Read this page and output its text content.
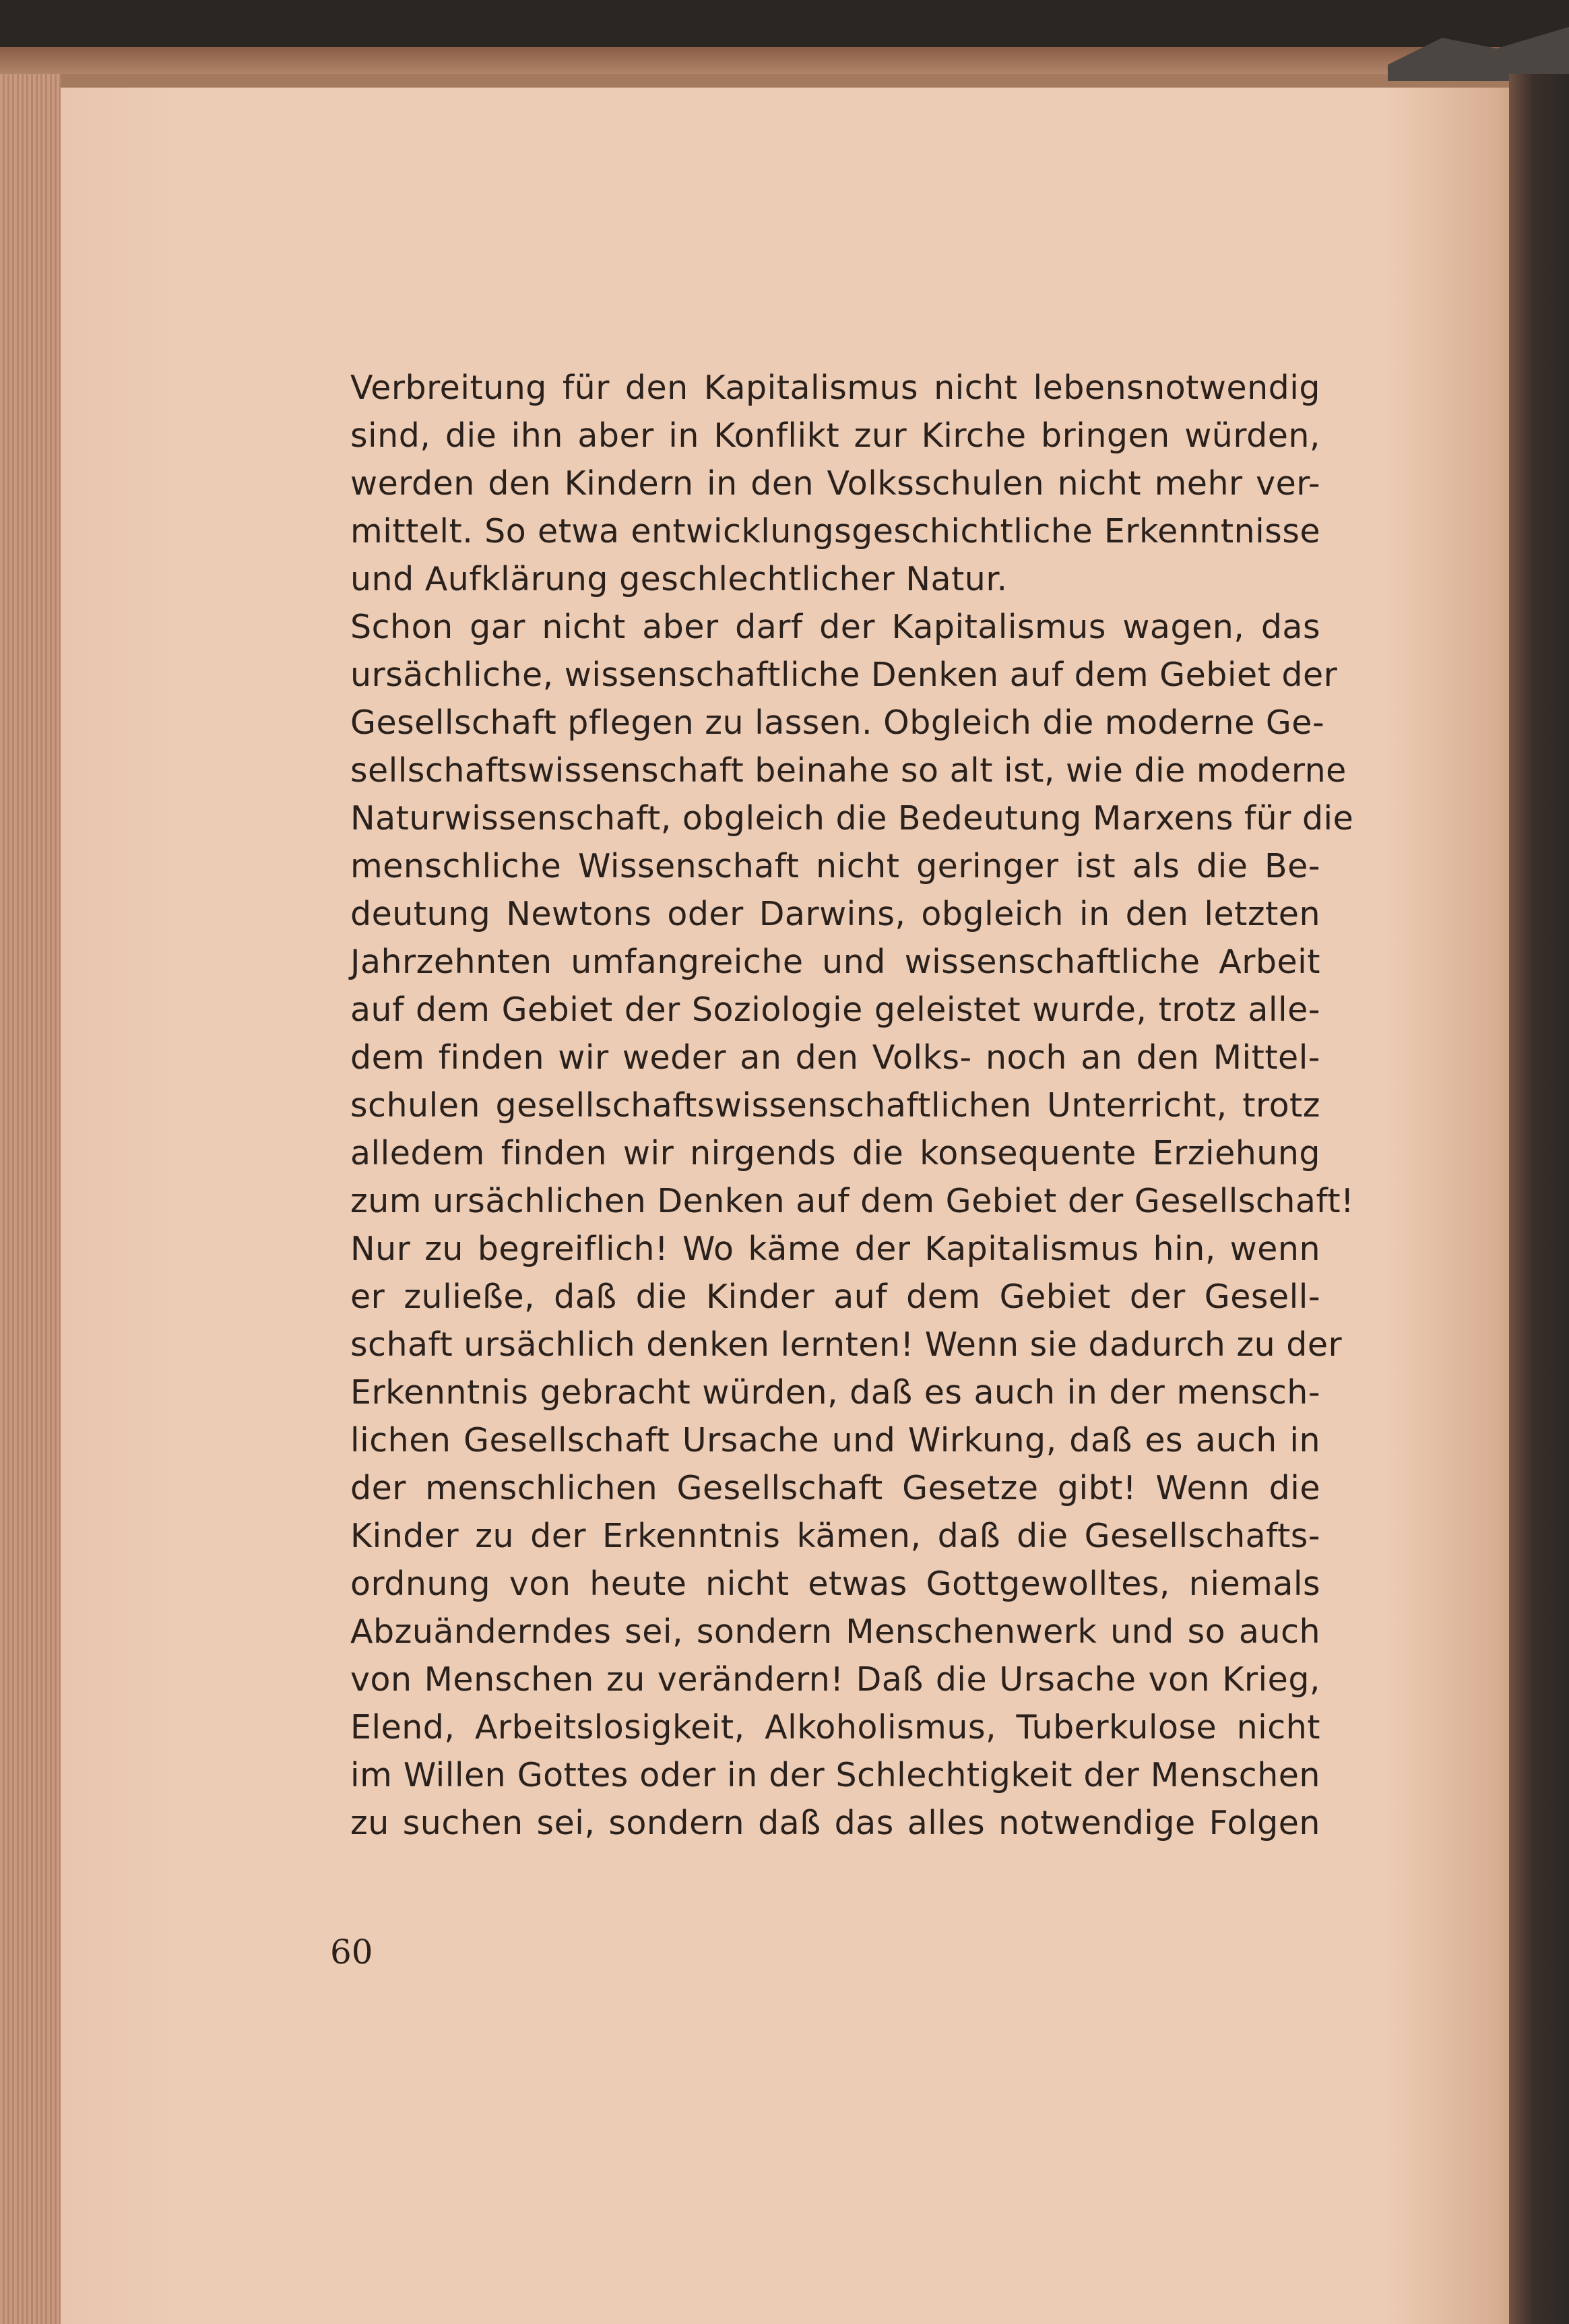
Verbreitung für den Kapitalismus nicht lebensnotwendig
sind, die ihn aber in Konflikt zur Kirche bringen würden,
werden den Kindern in den Volksschulen nicht mehr ver-
mittelt. So etwa entwicklungsgeschichtliche Erkenntnisse
und Aufklärung geschlechtlicher Natur.
Schon gar nicht aber darf der Kapitalismus wagen, das
ursächliche, wissenschaftliche Denken auf dem Gebiet der
Gesellschaft pflegen zu lassen. Obgleich die moderne Ge-
sellschaftswissenschaft beinahe so alt ist, wie die moderne
Naturwissenschaft, obgleich die Bedeutung Marxens für die
menschliche Wissenschaft nicht geringer ist als die Be-
deutung Newtons oder Darwins, obgleich in den letzten
Jahrzehnten umfangreiche und wissenschaftliche Arbeit
auf dem Gebiet der Soziologie geleistet wurde, trotz alle-
dem finden wir weder an den Volks- noch an den Mittel-
schulen gesellschaftswissenschaftlichen Unterricht, trotz
alledem finden wir nirgends die konsequente Erziehung
zum ursächlichen Denken auf dem Gebiet der Gesellschaft!
Nur zu begreiflich! Wo käme der Kapitalismus hin, wenn
er zuließe, daß die Kinder auf dem Gebiet der Gesell-
schaft ursächlich denken lernten! Wenn sie dadurch zu der
Erkenntnis gebracht würden, daß es auch in der mensch-
lichen Gesellschaft Ursache und Wirkung, daß es auch in
der menschlichen Gesellschaft Gesetze gibt! Wenn die
Kinder zu der Erkenntnis kämen, daß die Gesellschafts-
ordnung von heute nicht etwas Gottgewolltes, niemals
Abzuänderndes sei, sondern Menschenwerk und so auch
von Menschen zu verändern! Daß die Ursache von Krieg,
Elend, Arbeitslosigkeit, Alkoholismus, Tuberkulose nicht
im Willen Gottes oder in der Schlechtigkeit der Menschen
zu suchen sei, sondern daß das alles notwendige Folgen
60
